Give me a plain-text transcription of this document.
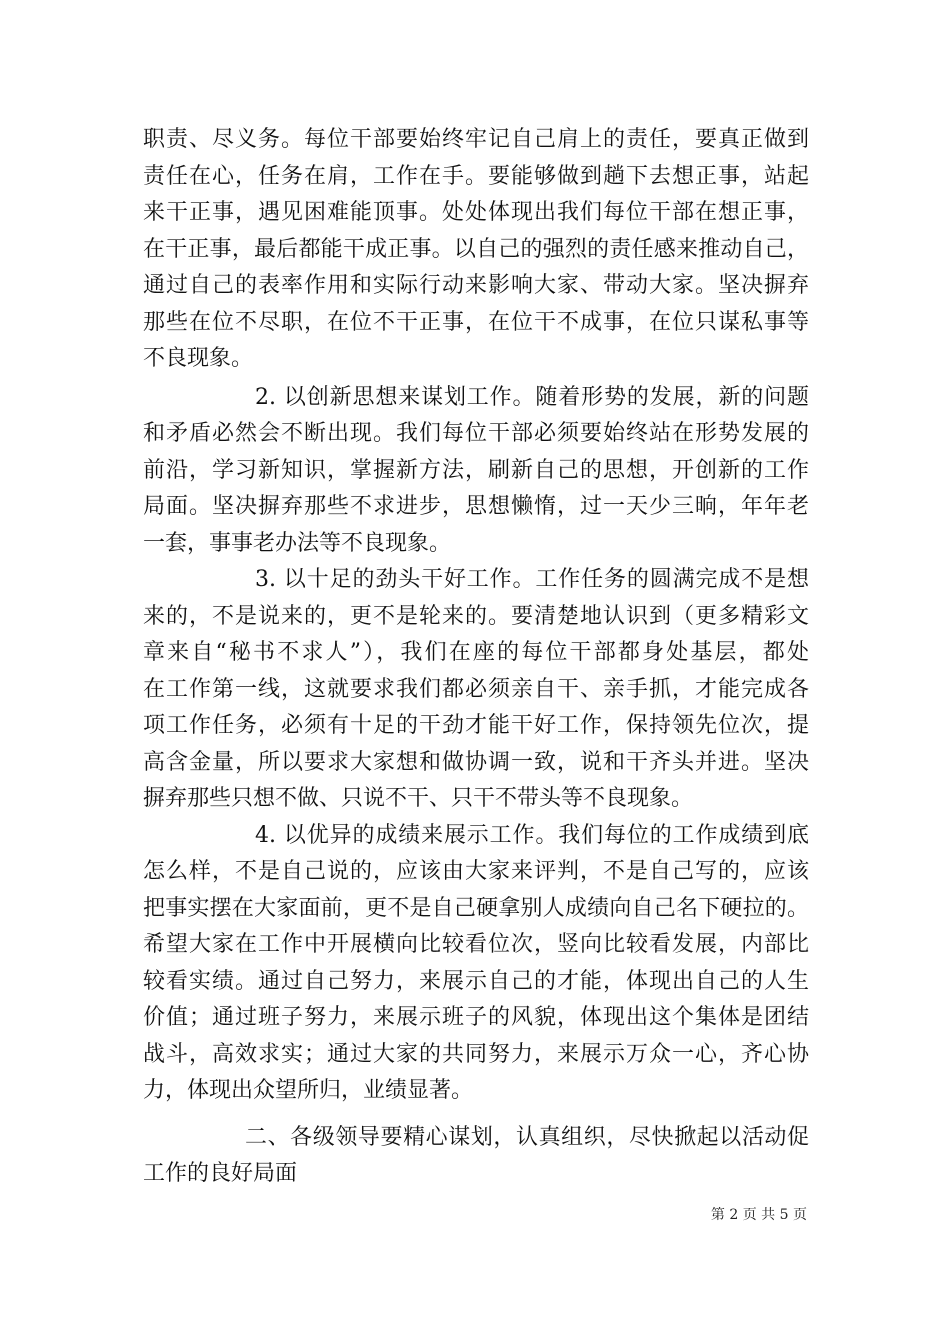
职责、尽义务。每位干部要始终牢记自己肩上的责任，要真正做到
责任在心，任务在肩，工作在手。要能够做到趟下去想正事，站起
来干正事，遇见困难能顶事。处处体现出我们每位干部在想正事，
在干正事，最后都能干成正事。以自己的强烈的责任感来推动自己，
通过自己的表率作用和实际行动来影响大家、带动大家。坚决摒弃
那些在位不尽职，在位不干正事，在位干不成事，在位只谋私事等
不良现象。
2. 以创新思想来谋划工作。随着形势的发展，新的问题
和矛盾必然会不断出现。我们每位干部必须要始终站在形势发展的
前沿，学习新知识，掌握新方法，刷新自己的思想，开创新的工作
局面。坚决摒弃那些不求进步，思想懒惰，过一天少三晌，年年老
一套，事事老办法等不良现象。
3. 以十足的劲头干好工作。工作任务的圆满完成不是想
来的，不是说来的，更不是轮来的。要清楚地认识到（更多精彩文
章来自“秘书不求人”），我们在座的每位干部都身处基层，都处
在工作第一线，这就要求我们都必须亲自干、亲手抓，才能完成各
项工作任务，必须有十足的干劲才能干好工作，保持领先位次，提
高含金量，所以要求大家想和做协调一致，说和干齐头并进。坚决
摒弃那些只想不做、只说不干、只干不带头等不良现象。
4. 以优异的成绩来展示工作。我们每位的工作成绩到底
怎么样，不是自己说的，应该由大家来评判，不是自己写的，应该
把事实摆在大家面前，更不是自己硬拿别人成绩向自己名下硬拉的。
希望大家在工作中开展横向比较看位次，竖向比较看发展，内部比
较看实绩。通过自己努力，来展示自己的才能，体现出自己的人生
价值；通过班子努力，来展示班子的风貌，体现出这个集体是团结
战斗，高效求实；通过大家的共同努力，来展示万众一心，齐心协
力，体现出众望所归，业绩显著。
二、各级领导要精心谋划，认真组织，尽快掀起以活动促
工作的良好局面
第 2 页 共 5 页
